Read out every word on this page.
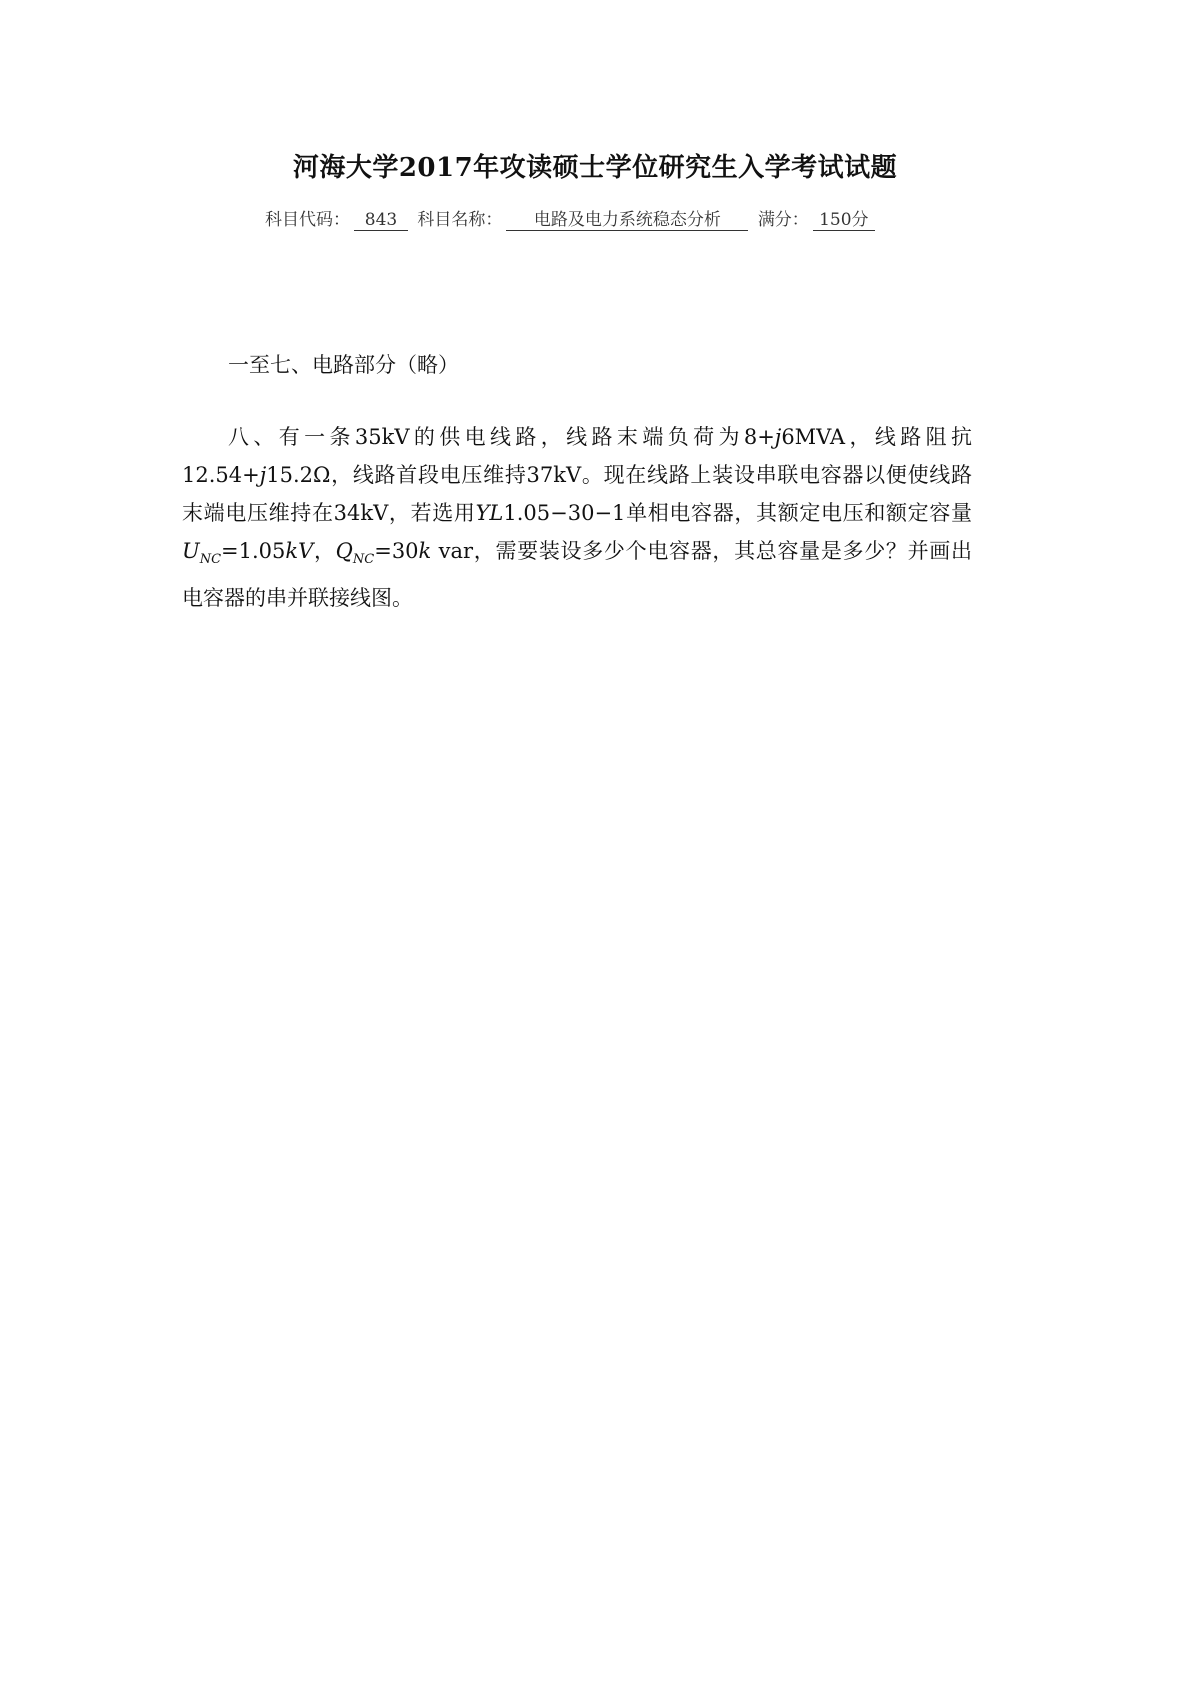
河海大学2017年攻读硕士学位研究生入学考试试题
科目代码： 843 科目名称： 电路及电力系统稳态分析 满分： 150分
一至七、电路部分（略）

八、有一条35kV的供电线路，线路末端负荷为8+j6MVA，线路阻抗12.54+j15.2Ω，线路首段电压维持37kV。现在线路上装设串联电容器以便使线路末端电压维持在34kV，若选用YL1.05−30−1单相电容器，其额定电压和额定容量$U_{NC}=1.05kV$，$Q_{NC}=30k$ var，需要装设多少个电容器，其总容量是多少？并画出电容器的串并联接线图。
